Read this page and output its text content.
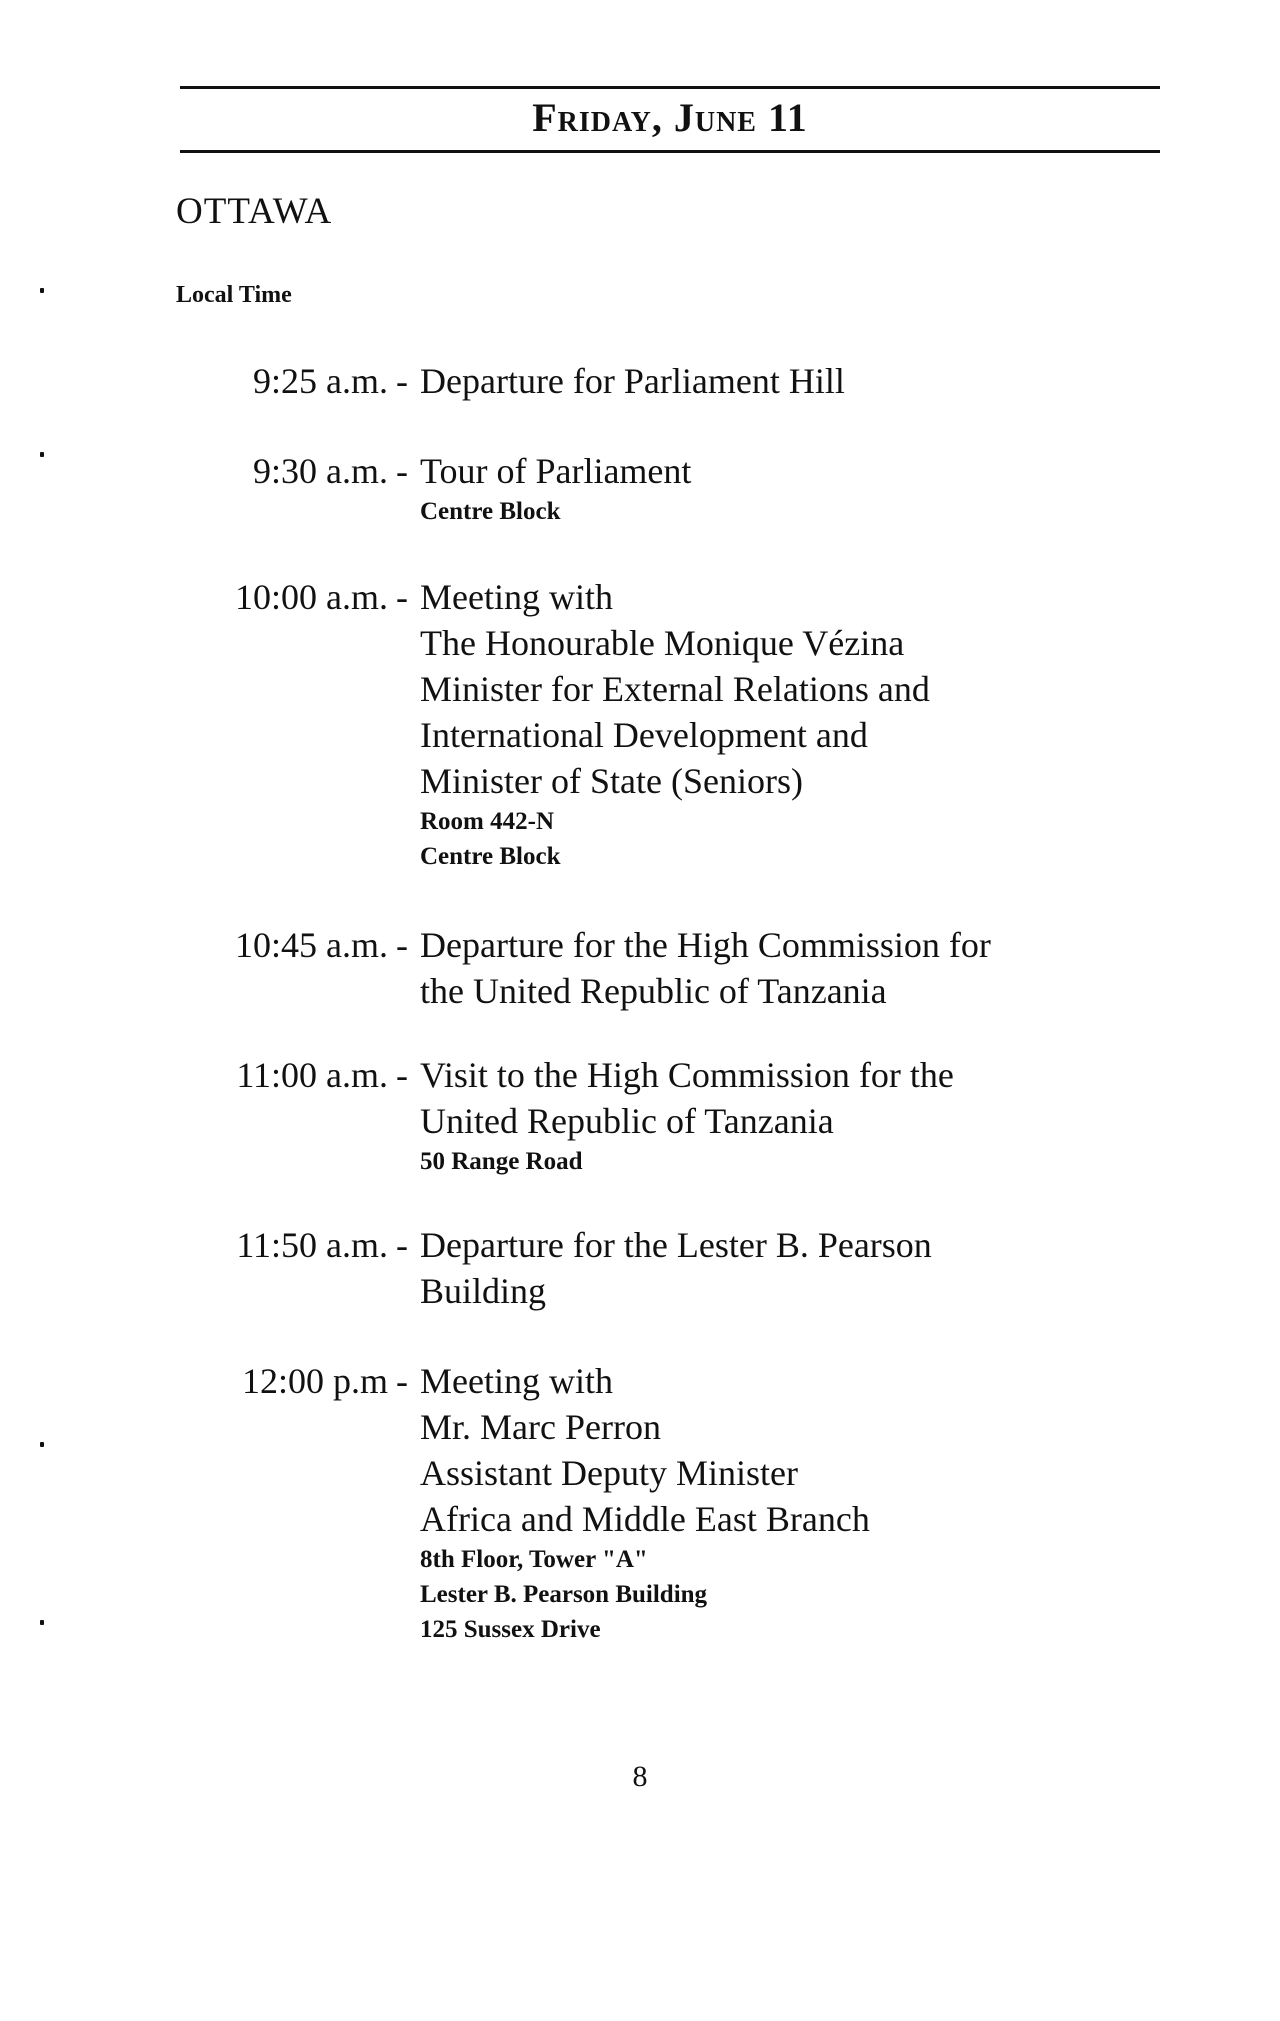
Friday, June 11
OTTAWA
Local Time
9:25 a.m. - Departure for Parliament Hill
9:30 a.m. - Tour of Parliament
Centre Block
10:00 a.m. - Meeting with
The Honourable Monique Vézina
Minister for External Relations and
International Development and
Minister of State (Seniors)
Room 442-N
Centre Block
10:45 a.m. - Departure for the High Commission for
the United Republic of Tanzania
11:00 a.m. - Visit to the High Commission for the
United Republic of Tanzania
50 Range Road
11:50 a.m. - Departure for the Lester B. Pearson
Building
12:00 p.m - Meeting with
Mr. Marc Perron
Assistant Deputy Minister
Africa and Middle East Branch
8th Floor, Tower "A"
Lester B. Pearson Building
125 Sussex Drive
8
